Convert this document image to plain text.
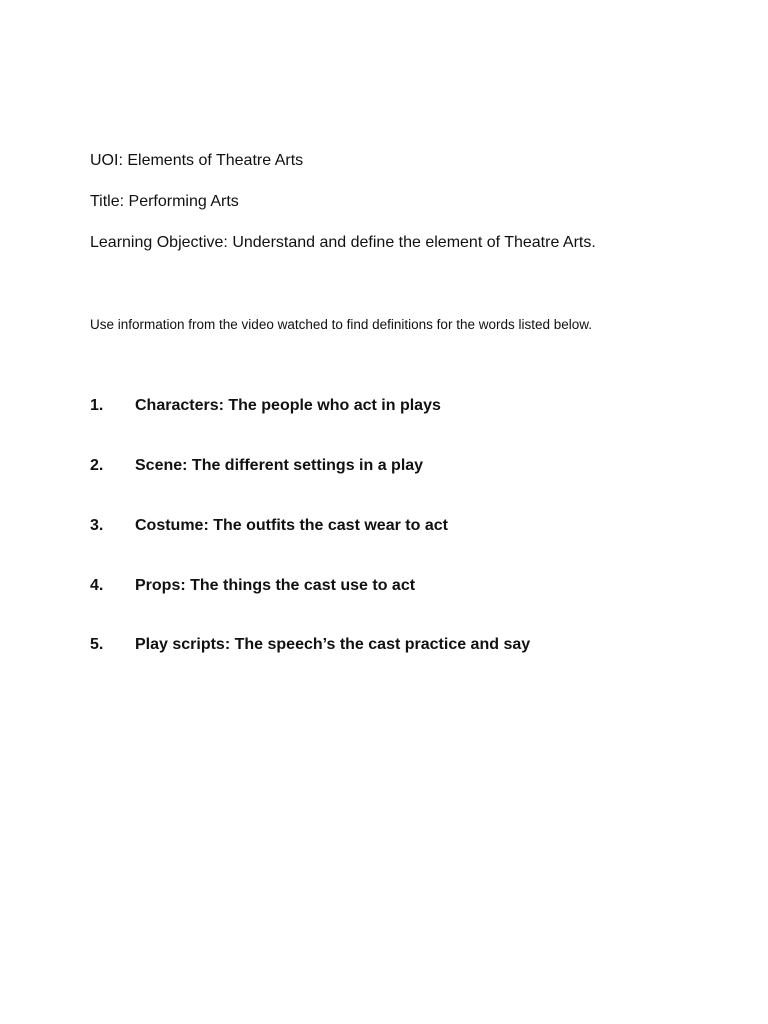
UOI: Elements of Theatre Arts
Title: Performing Arts
Learning Objective: Understand and define the element of Theatre Arts.
Use information from the video watched to find definitions for the words listed below.
1.	Characters: The people who act in plays
2.	Scene: The different settings in a play
3.	Costume: The outfits the cast wear to act
4.	Props: The things the cast use to act
5.	Play scripts: The speech’s the cast practice and say
